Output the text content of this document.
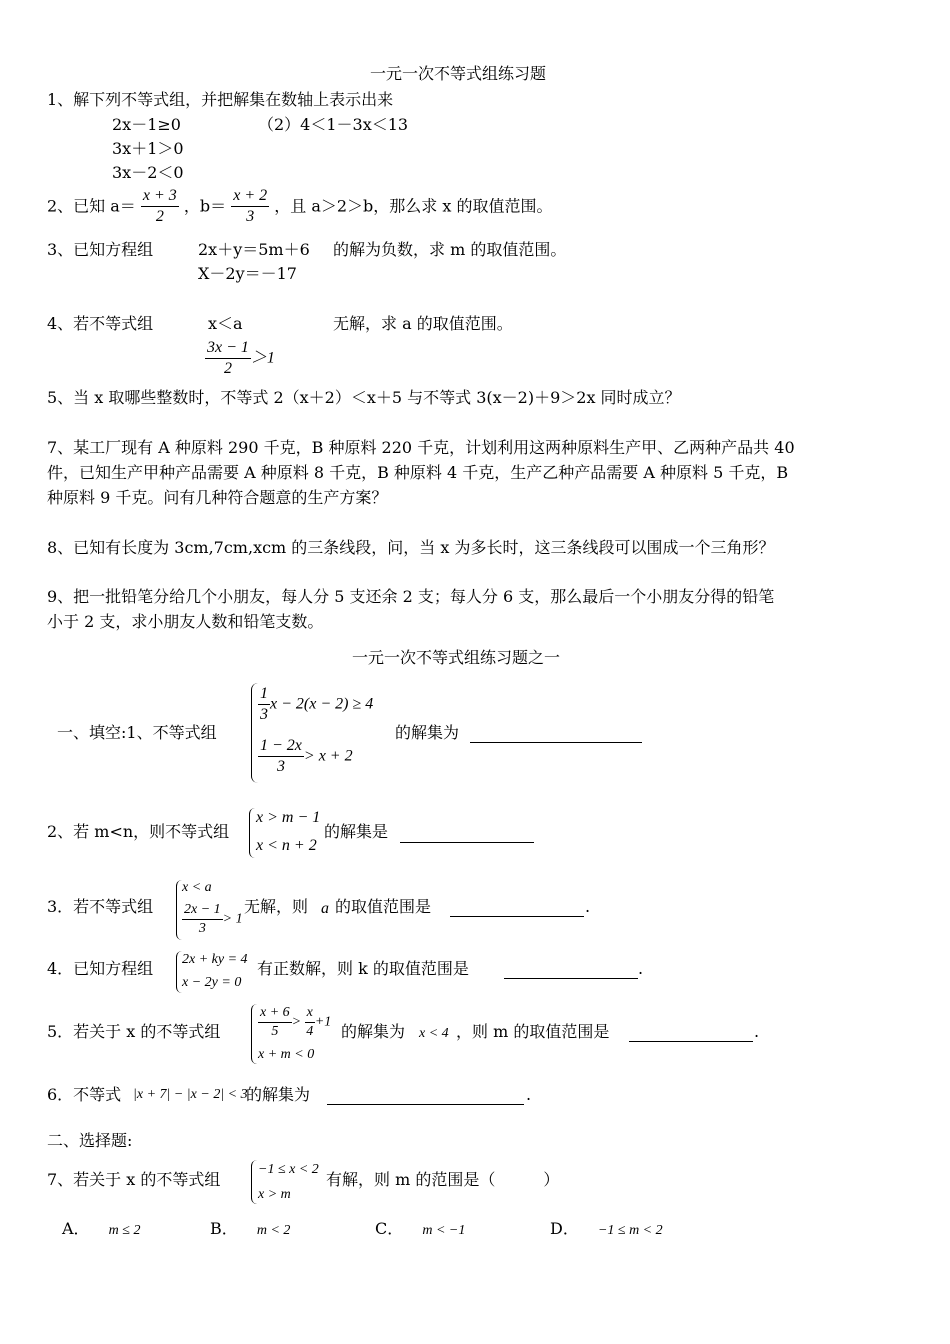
一元一次不等式组练习题
1、解下列不等式组，并把解集在数轴上表示出来
2x－1≥0	（2）4＜1－3x＜13
3x＋1＞0
3x－2＜0
2、已知 $a= \frac{x + 3}{2}$ ，$b= \frac{x + 2}{3}$ ，且 a＞2＞b，那么求 x 的取值范围。
3、已知方程组	2x＋y＝5m＋6 的解为负数，求 m 的取值范围。
X－2y＝－17
4、若不等式组	x＜a	无解，求 a 的取值范围。
$\frac{3x - 1}{2} >1$
5、当 x 取哪些整数时，不等式 2（x＋2）＜x＋5 与不等式 3(x－2)＋9＞2x 同时成立？
7、某工厂现有 A 种原料 290 千克，B 种原料 220 千克，计划利用这两种原料生产甲、乙两种产品共 40
件，已知生产甲种产品需要 A 种原料 8 千克，B 种原料 4 千克，生产乙种产品需要 A 种原料 5 千克，B
种原料 9 千克。问有几种符合题意的生产方案？
8、已知有长度为 3cm,7cm,xcm 的三条线段，问，当 x 为多长时，这三条线段可以围成一个三角形？
9、把一批铅笔分给几个小朋友，每人分 5 支还余 2 支；每人分 6 支，那么最后一个小朋友分得的铅笔
小于 2 支，求小朋友人数和铅笔支数。
一元一次不等式组练习题之一
一、填空:1、不等式组
$\frac{1}{3}$ x − 2(x − 2) ≥ 4
$\frac{1 - 2x}{3} > x + 2$
的解集为
2、若 m<n，则不等式组
x > m − 1
x < n + 2
的解集是
3．若不等式组
x < a
$\frac{2x - 1}{3} > 1$
无解，则 a 的取值范围是	.
4．已知方程组 2x + ky = 4
x − 2y = 0
有正数解，则 k 的取值范围是	.
5．若关于 x 的不等式组	$\frac{x + 6}{5} > \frac{x}{4} +1$
x + m < 0
的解集为 x < 4 ，则 m 的取值范围是	.
6．不等式 |x + 7| − |x − 2| < 3
的解集为	.
二、选择题:
7、若关于 x 的不等式组
−1 ≤ x < 2
x > m
有解，则 m 的范围是（　　　）
A． m ≤ 2	B． m < 2	C． m < −1	D． −1 ≤ m < 2
